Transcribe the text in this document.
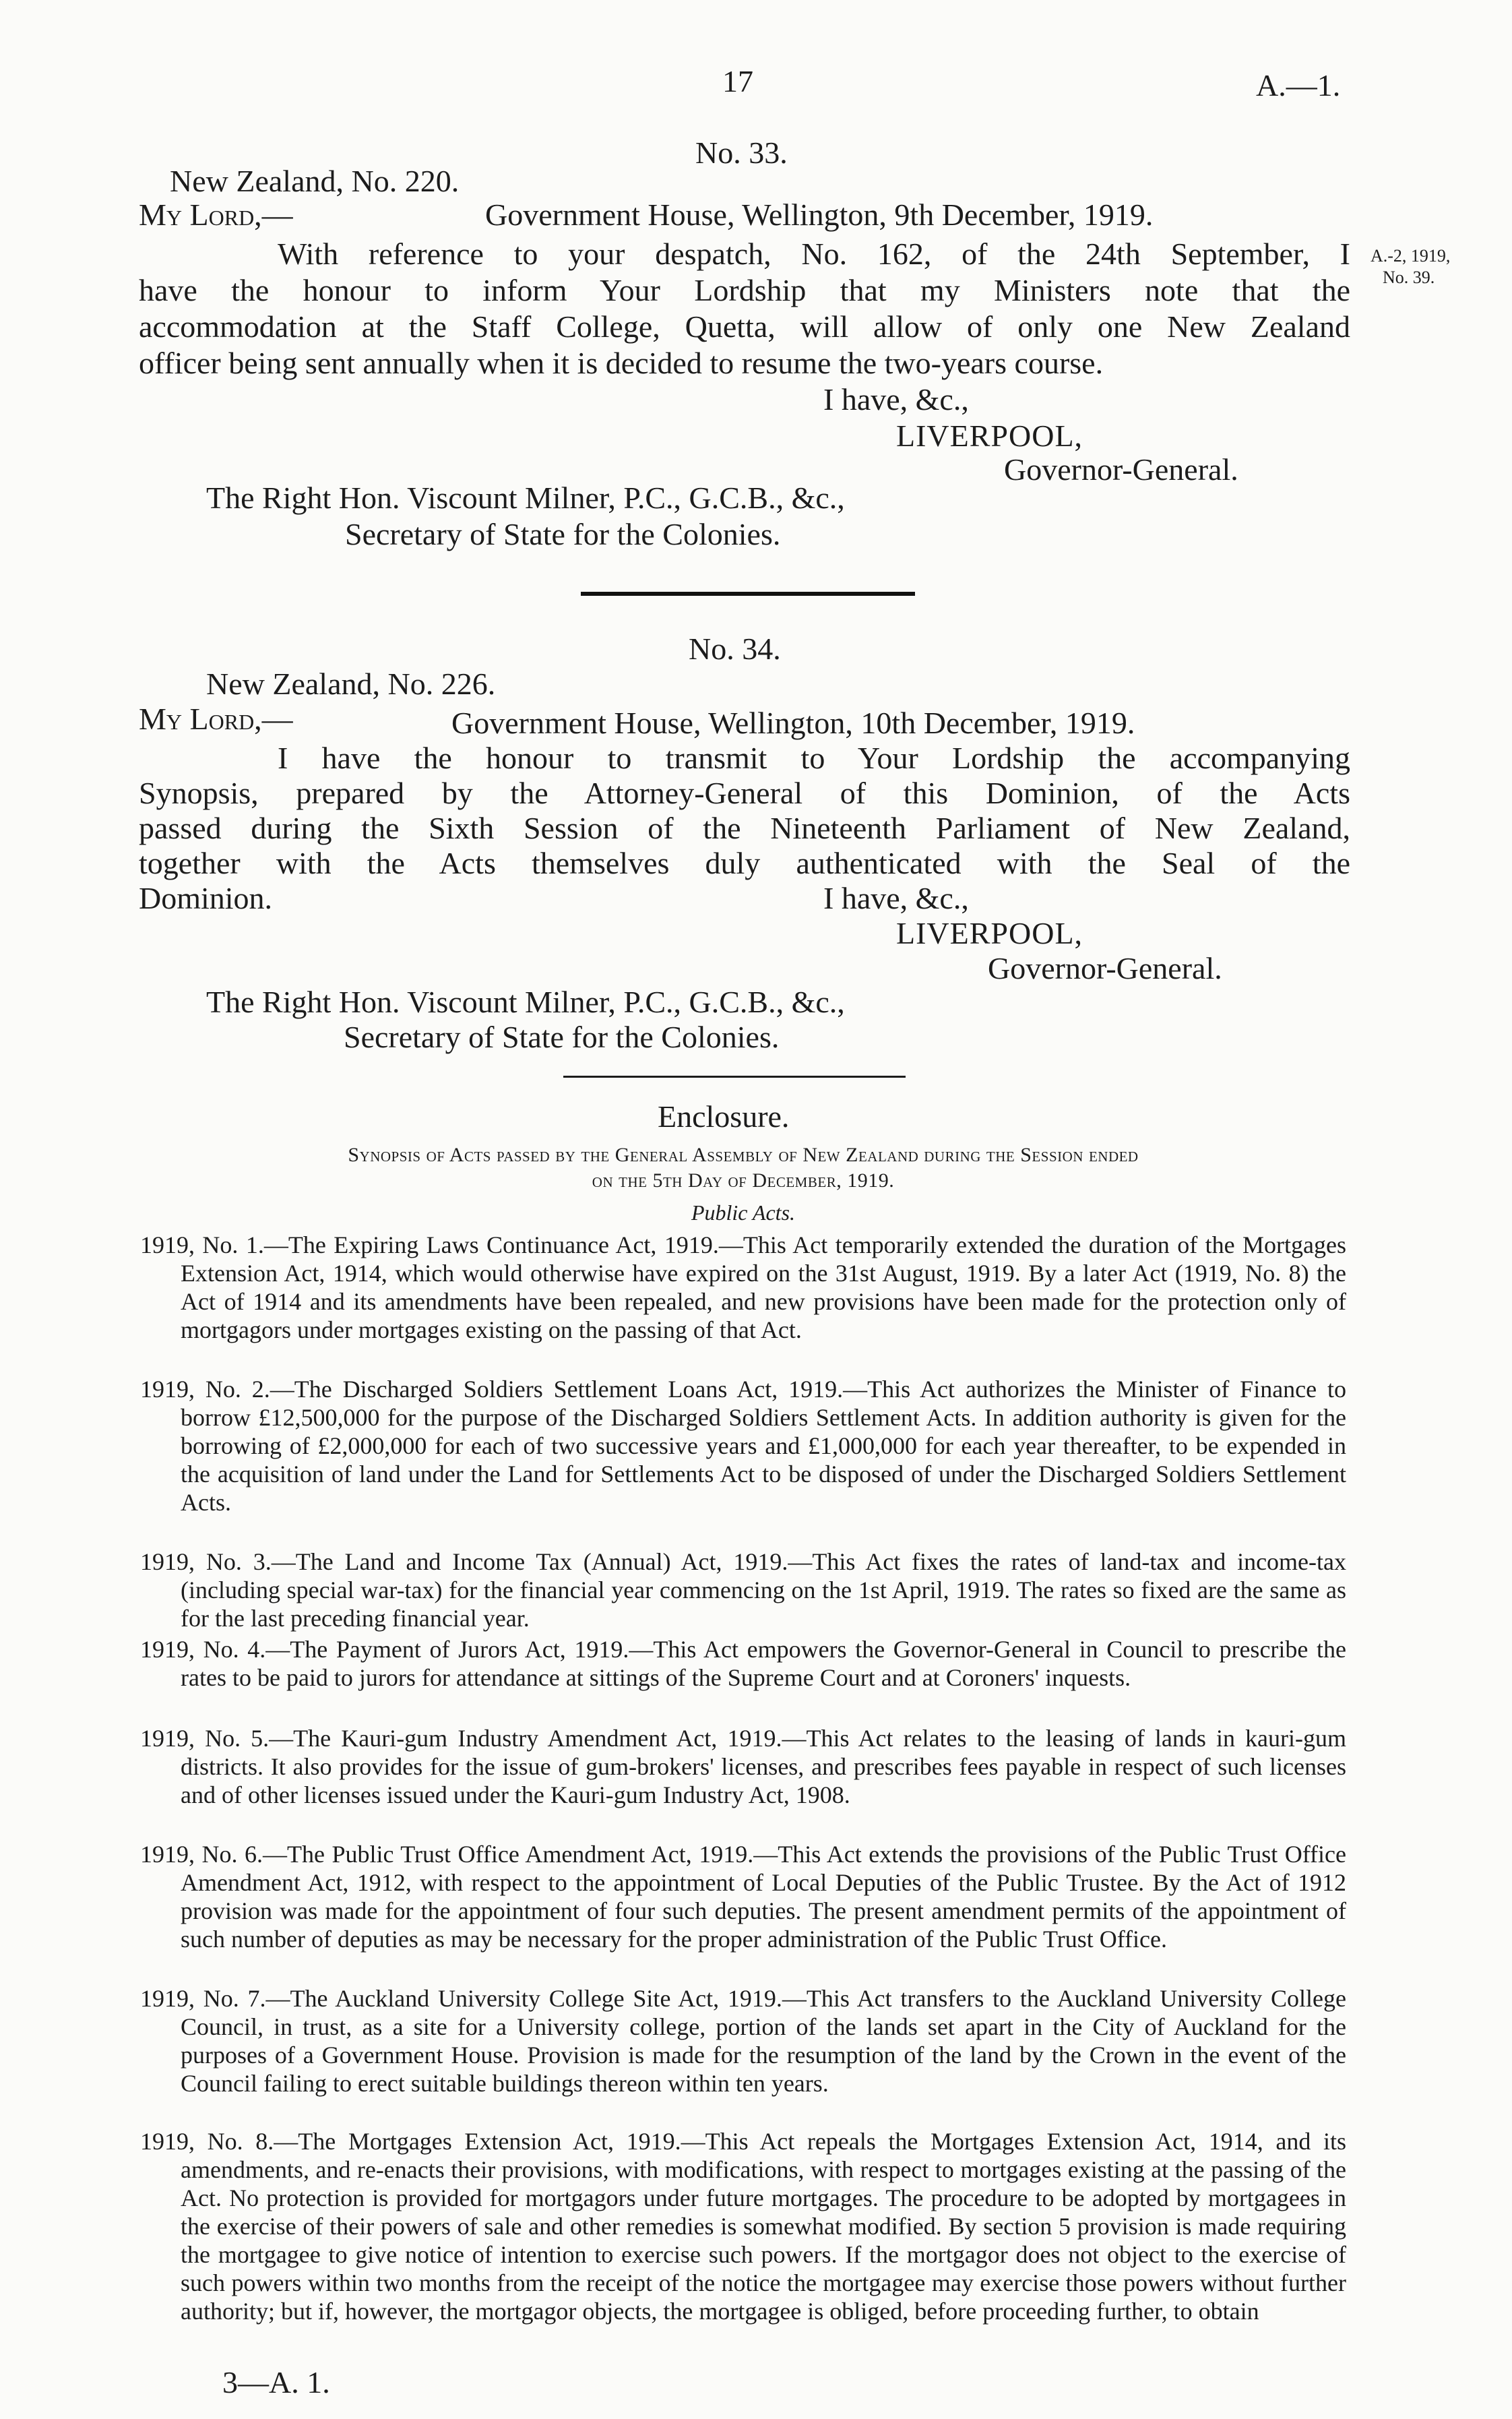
17	A.—1.
A.-2, 1919,
No. 39.
No. 33.
New Zealand, No. 220.
My Lord,—	Government House, Wellington, 9th December, 1919.
With reference to your despatch, No. 162, of the 24th September, I
have the honour to inform Your Lordship that my Ministers note that the
accommodation at the Staff College, Quetta, will allow of only one New Zealand
officer being sent annually when it is decided to resume the two-years course.
I have, &c.,
LIVERPOOL,
Governor-General.
The Right Hon. Viscount Milner, P.C., G.C.B., &c.,
Secretary of State for the Colonies.
No. 34.
New Zealand, No. 226.
My Lord,—	Government House, Wellington, 10th December, 1919.
I have the honour to transmit to Your Lordship the accompanying
Synopsis, prepared by the Attorney-General of this Dominion, of the Acts
passed during the Sixth Session of the Nineteenth Parliament of New Zealand,
together with the Acts themselves duly authenticated with the Seal of the
Dominion.	I have, &c.,
LIVERPOOL,
Governor-General.
The Right Hon. Viscount Milner, P.C., G.C.B., &c.,
Secretary of State for the Colonies.
Enclosure.
Synopsis of Acts passed by the General Assembly of New Zealand during the Session ended
on the 5th Day of December, 1919.
Public Acts.
1919, No. 1.—The Expiring Laws Continuance Act, 1919.—This Act temporarily extended the duration of the Mortgages Extension Act, 1914, which would otherwise have expired on the 31st August, 1919. By a later Act (1919, No. 8) the Act of 1914 and its amendments have been repealed, and new provisions have been made for the protection only of mortgagors under mortgages existing on the passing of that Act.
1919, No. 2.—The Discharged Soldiers Settlement Loans Act, 1919.—This Act authorizes the Minister of Finance to borrow £12,500,000 for the purpose of the Discharged Soldiers Settlement Acts. In addition authority is given for the borrowing of £2,000,000 for each of two successive years and £1,000,000 for each year thereafter, to be expended in the acquisition of land under the Land for Settlements Act to be disposed of under the Discharged Soldiers Settlement Acts.
1919, No. 3.—The Land and Income Tax (Annual) Act, 1919.—This Act fixes the rates of land-tax and income-tax (including special war-tax) for the financial year commencing on the 1st April, 1919. The rates so fixed are the same as for the last preceding financial year.
1919, No. 4.—The Payment of Jurors Act, 1919.—This Act empowers the Governor-General in Council to prescribe the rates to be paid to jurors for attendance at sittings of the Supreme Court and at Coroners' inquests.
1919, No. 5.—The Kauri-gum Industry Amendment Act, 1919.—This Act relates to the leasing of lands in kauri-gum districts. It also provides for the issue of gum-brokers' licenses, and prescribes fees payable in respect of such licenses and of other licenses issued under the Kauri-gum Industry Act, 1908.
1919, No. 6.—The Public Trust Office Amendment Act, 1919.—This Act extends the provisions of the Public Trust Office Amendment Act, 1912, with respect to the appointment of Local Deputies of the Public Trustee. By the Act of 1912 provision was made for the appointment of four such deputies. The present amendment permits of the appointment of such number of deputies as may be necessary for the proper administration of the Public Trust Office.
1919, No. 7.—The Auckland University College Site Act, 1919.—This Act transfers to the Auckland University College Council, in trust, as a site for a University college, portion of the lands set apart in the City of Auckland for the purposes of a Government House. Provision is made for the resumption of the land by the Crown in the event of the Council failing to erect suitable buildings thereon within ten years.
1919, No. 8.—The Mortgages Extension Act, 1919.—This Act repeals the Mortgages Extension Act, 1914, and its amendments, and re-enacts their provisions, with modifications, with respect to mortgages existing at the passing of the Act. No protection is provided for mortgagors under future mortgages. The procedure to be adopted by mortgagees in the exercise of their powers of sale and other remedies is somewhat modified. By section 5 provision is made requiring the mortgagee to give notice of intention to exercise such powers. If the mortgagor does not object to the exercise of such powers within two months from the receipt of the notice the mortgagee may exercise those powers without further authority; but if, however, the mortgagor objects, the mortgagee is obliged, before proceeding further, to obtain
3—A. 1.
